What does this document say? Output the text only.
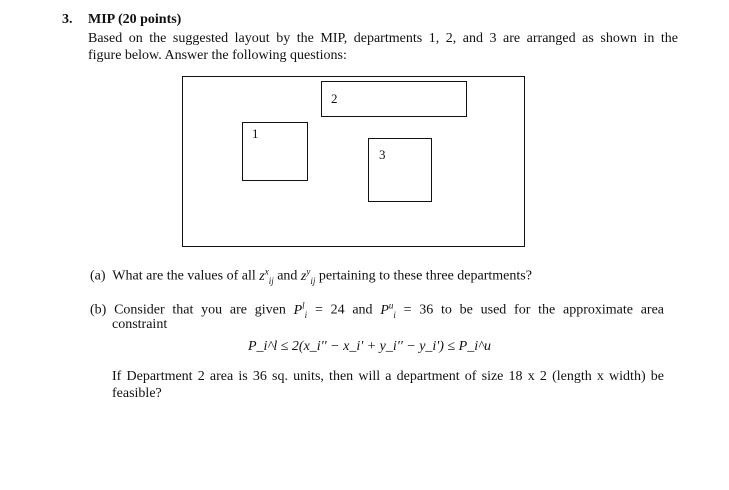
3. MIP (20 points)
Based on the suggested layout by the MIP, departments 1, 2, and 3 are arranged as shown in the
figure below. Answer the following questions:
1
2
3
(a) What are the values of all $z^x_{ij}$ and $z^y_{ij}$ pertaining to these three departments?
(b) Consider that you are given $P^l_i = 24$ and $P^u_i = 36$ to be used for the approximate area
constraint
P_i^l ≤ 2(x_i'' − x_i' + y_i'' − y_i') ≤ P_i^u
If Department 2 area is 36 sq. units, then will a department of size 18 x 2 (length x width) be
feasible?
